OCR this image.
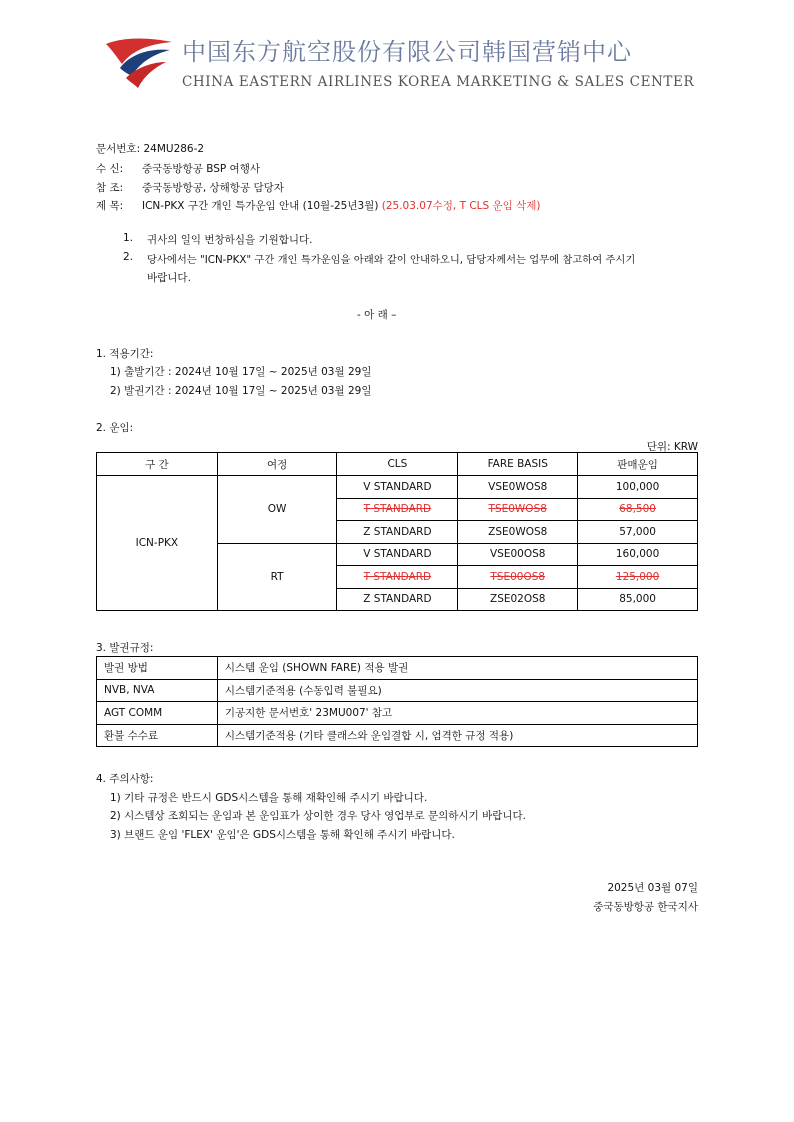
中国东方航空股份有限公司韩国营销中心
CHINA EASTERN AIRLINES KOREA MARKETING & SALES CENTER
문서번호: 24MU286-2
수 신: 중국동방항공 BSP 여행사
참 조: 중국동방항공, 상해항공 담당자
제 목: ICN-PKX 구간 개인 특가운임 안내 (10월-25년3월) (25.03.07수정, T CLS 운임 삭제)
1. 귀사의 일익 번창하심을 기원합니다.
2. 당사에서는 "ICN-PKX" 구간 개인 특가운임을 아래와 같이 안내하오니, 담당자께서는 업무에 참고하여 주시기
바랍니다.
- 아 래 –
1. 적용기간:
1) 출발기간 : 2024년 10월 17일 ~ 2025년 03월 29일
2) 발권기간 : 2024년 10월 17일 ~ 2025년 03월 29일
2. 운임:
단위: KRW
구 간	여정	CLS	FARE BASIS	판매운임
ICN-PKX	OW	V STANDARD	VSE0WOS8	100,000
		T STANDARD	TSE0WOS8	68,500
		Z STANDARD	ZSE0WOS8	57,000
	RT	V STANDARD	VSE00OS8	160,000
		T STANDARD	TSE00OS8	125,000
		Z STANDARD	ZSE02OS8	85,000
3. 발권규정:
발권 방법	시스템 운임 (SHOWN FARE) 적용 발권
NVB, NVA	시스템기준적용 (수동입력 불필요)
AGT COMM	기공지한 문서번호' 23MU007' 참고
환불 수수료	시스템기준적용 (기타 클래스와 운임결합 시, 엄격한 규정 적용)
4. 주의사항:
1) 기타 규정은 반드시 GDS시스템을 통해 재확인해 주시기 바랍니다.
2) 시스템상 조회되는 운임과 본 운임표가 상이한 경우 당사 영업부로 문의하시기 바랍니다.
3) 브랜드 운임 'FLEX' 운임'은 GDS시스템을 통해 확인해 주시기 바랍니다.
2025년 03월 07일
중국동방항공 한국지사
